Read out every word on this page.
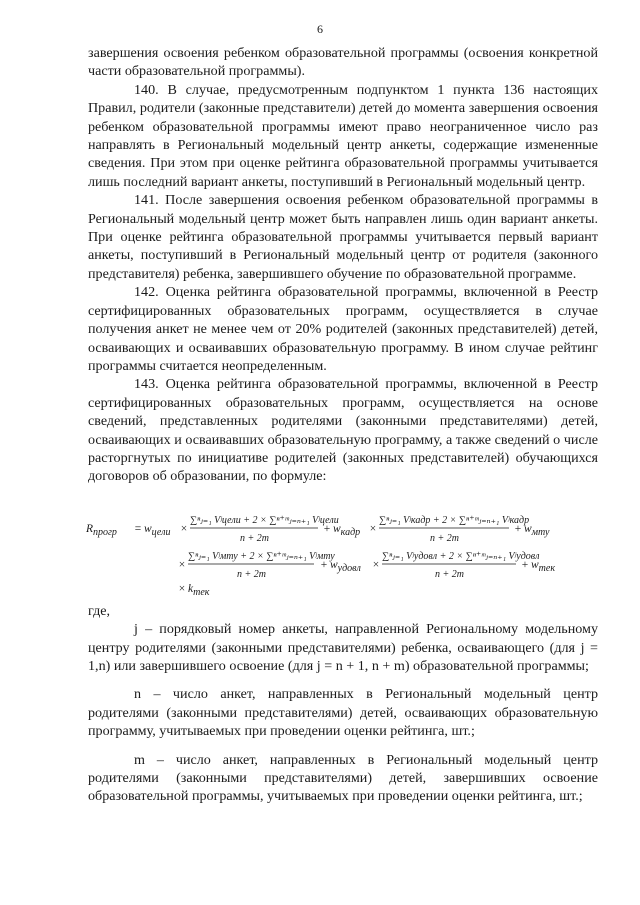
6

завершения освоения ребенком образовательной программы (освоения конкретной части образовательной программы).

140. В случае, предусмотренным подпунктом 1 пункта 136 настоящих Правил, родители (законные представители) детей до момента завершения освоения ребенком образовательной программы имеют право неограниченное число раз направлять в Региональный модельный центр анкеты, содержащие измененные сведения. При этом при оценке рейтинга образовательной программы учитывается лишь последний вариант анкеты, поступивший в Региональный модельный центр.

141. После завершения освоения ребенком образовательной программы в Региональный модельный центр может быть направлен лишь один вариант анкеты. При оценке рейтинга образовательной программы учитывается первый вариант анкеты, поступивший в Региональный модельный центр от родителя (законного представителя) ребенка, завершившего обучение по образовательной программе.

142. Оценка рейтинга образовательной программы, включенной в Реестр сертифицированных образовательных программ, осуществляется в случае получения анкет не менее чем от 20% родителей (законных представителей) детей, осваивающих и осваивавших образовательную программу. В ином случае рейтинг программы считается неопределенным.

143. Оценка рейтинга образовательной программы, включенной в Реестр сертифицированных образовательных программ, осуществляется на основе сведений, представленных родителями (законными представителями) детей, осваивающих и осваивавших образовательную программу, а также сведений о числе расторгнутых по инициативе родителей (законных представителей) обучающихся договоров об образовании, по формуле:

Rпрогр = wцели ×
∑ⁿⱼ₌₁ Vʲцели + 2 × ∑ⁿ⁺ᵐⱼ₌ₙ₊₁ Vʲцели
n + 2m
+ wкадр ×
∑ⁿⱼ₌₁ Vʲкадр + 2 × ∑ⁿ⁺ᵐⱼ₌ₙ₊₁ Vʲкадр
n + 2m
+ wмту
×
∑ⁿⱼ₌₁ Vʲмту + 2 × ∑ⁿ⁺ᵐⱼ₌ₙ₊₁ Vʲмту
n + 2m
+ wудовл ×
∑ⁿⱼ₌₁ Vʲудовл + 2 × ∑ⁿ⁺ᵐⱼ₌ₙ₊₁ Vʲудовл
n + 2m
+ wтек
× kтек

где,

j – порядковый номер анкеты, направленной Региональному модельному центру родителями (законными представителями) ребенка, осваивающего (для j = 1,n) или завершившего освоение (для j = n + 1, n + m) образовательной программы;

n – число анкет, направленных в Региональный модельный центр родителями (законными представителями) детей, осваивающих образовательную программу, учитываемых при проведении оценки рейтинга, шт.;

m – число анкет, направленных в Региональный модельный центр родителями (законными представителями) детей, завершивших освоение образовательной программы, учитываемых при проведении оценки рейтинга, шт.;
